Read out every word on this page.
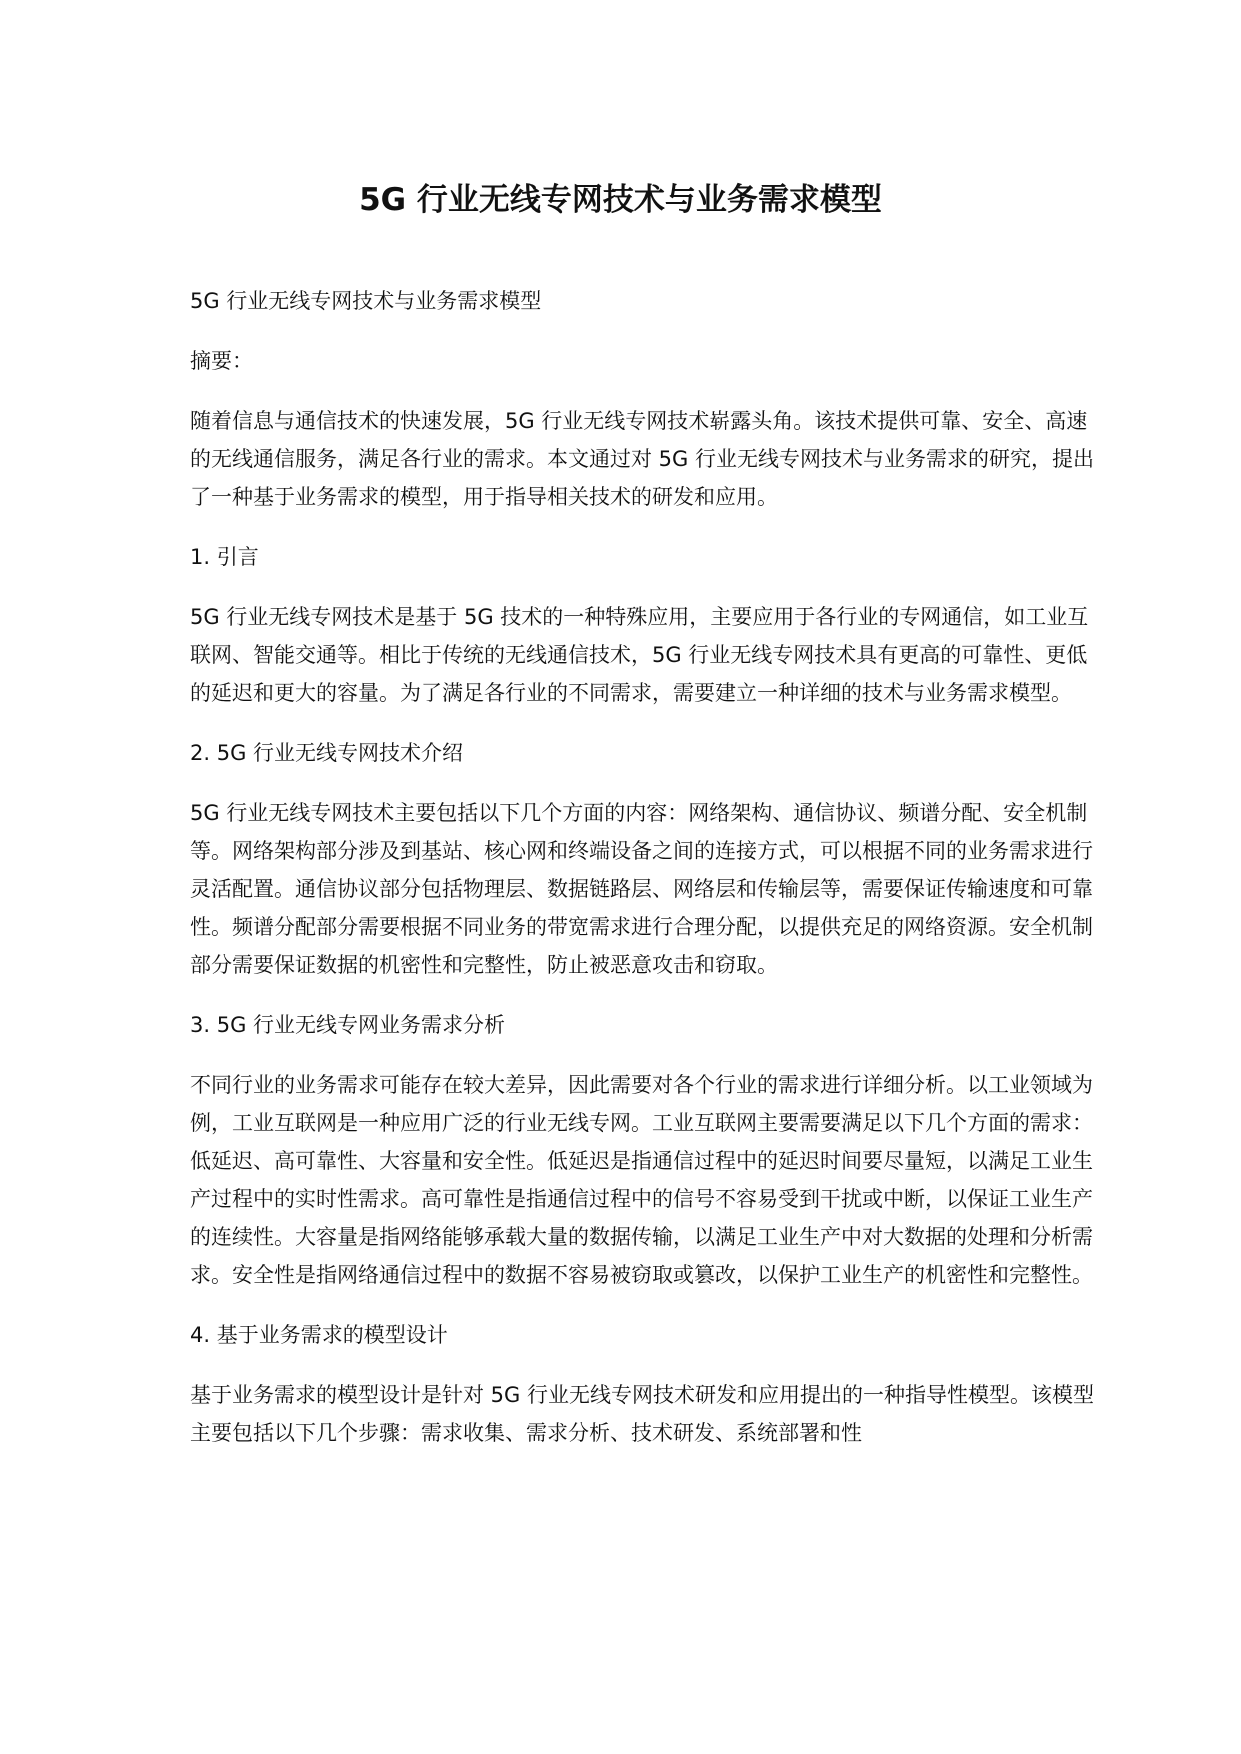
5G 行业无线专网技术与业务需求模型

5G 行业无线专网技术与业务需求模型

摘要：

随着信息与通信技术的快速发展，5G 行业无线专网技术崭露头角。该技术提供可靠、安全、高速的无线通信服务，满足各行业的需求。本文通过对 5G 行业无线专网技术与业务需求的研究，提出了一种基于业务需求的模型，用于指导相关技术的研发和应用。

1. 引言

5G 行业无线专网技术是基于 5G 技术的一种特殊应用，主要应用于各行业的专网通信，如工业互联网、智能交通等。相比于传统的无线通信技术，5G 行业无线专网技术具有更高的可靠性、更低的延迟和更大的容量。为了满足各行业的不同需求，需要建立一种详细的技术与业务需求模型。

2. 5G 行业无线专网技术介绍

5G 行业无线专网技术主要包括以下几个方面的内容：网络架构、通信协议、频谱分配、安全机制等。网络架构部分涉及到基站、核心网和终端设备之间的连接方式，可以根据不同的业务需求进行灵活配置。通信协议部分包括物理层、数据链路层、网络层和传输层等，需要保证传输速度和可靠性。频谱分配部分需要根据不同业务的带宽需求进行合理分配，以提供充足的网络资源。安全机制部分需要保证数据的机密性和完整性，防止被恶意攻击和窃取。

3. 5G 行业无线专网业务需求分析

不同行业的业务需求可能存在较大差异，因此需要对各个行业的需求进行详细分析。以工业领域为例，工业互联网是一种应用广泛的行业无线专网。工业互联网主要需要满足以下几个方面的需求：低延迟、高可靠性、大容量和安全性。低延迟是指通信过程中的延迟时间要尽量短，以满足工业生产过程中的实时性需求。高可靠性是指通信过程中的信号不容易受到干扰或中断，以保证工业生产的连续性。大容量是指网络能够承载大量的数据传输，以满足工业生产中对大数据的处理和分析需求。安全性是指网络通信过程中的数据不容易被窃取或篡改，以保护工业生产的机密性和完整性。

4. 基于业务需求的模型设计

基于业务需求的模型设计是针对 5G 行业无线专网技术研发和应用提出的一种指导性模型。该模型主要包括以下几个步骤：需求收集、需求分析、技术研发、系统部署和性
